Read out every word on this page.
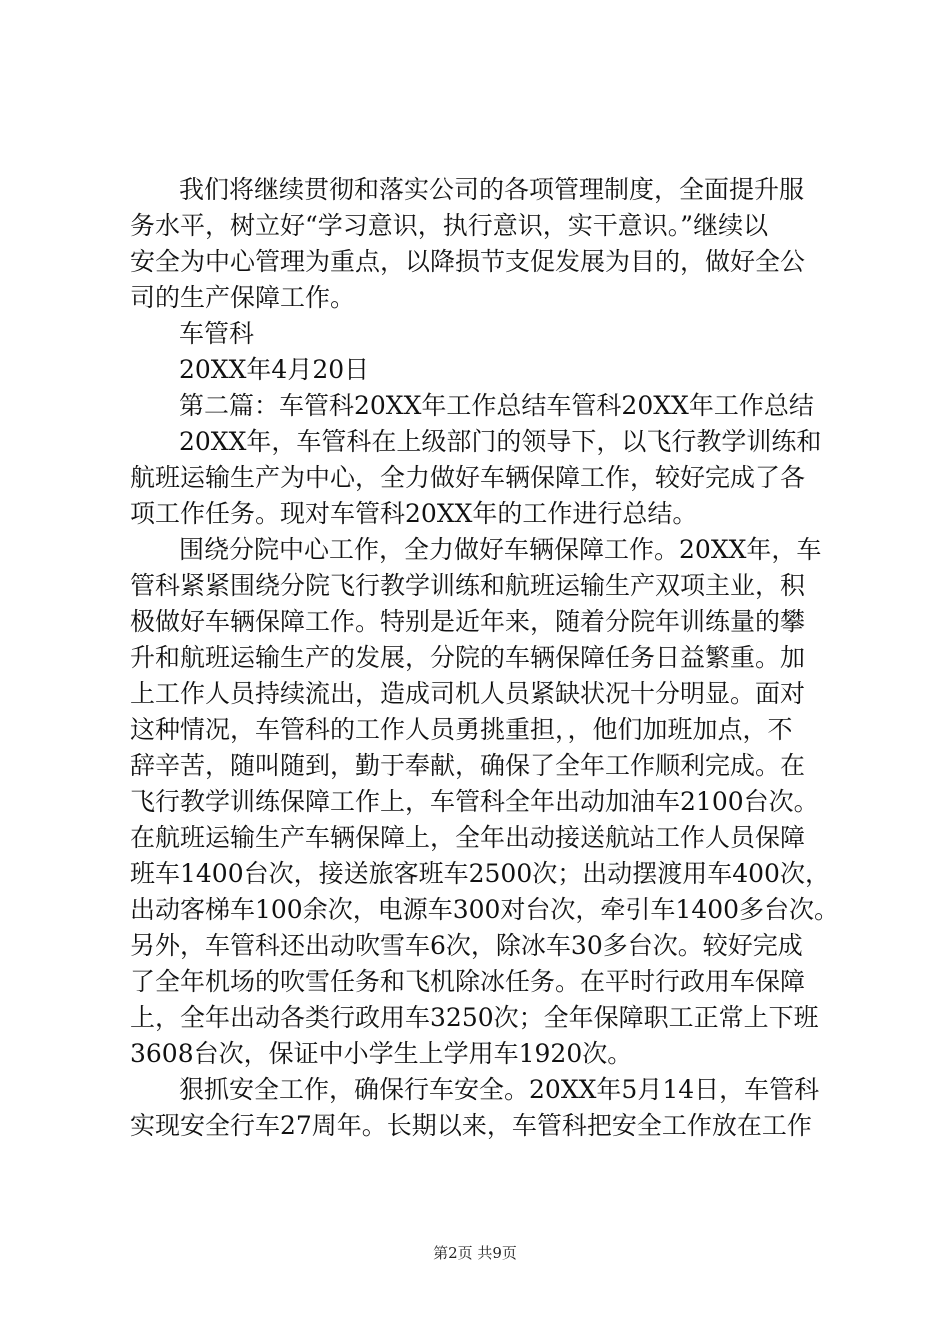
我们将继续贯彻和落实公司的各项管理制度，全面提升服
务水平，树立好“学习意识，执行意识，实干意识。”继续以
安全为中心管理为重点，以降损节支促发展为目的，做好全公
司的生产保障工作。
车管科
20XX年4月20日
第二篇：车管科20XX年工作总结车管科20XX年工作总结
20XX年，车管科在上级部门的领导下，以飞行教学训练和
航班运输生产为中心，全力做好车辆保障工作，较好完成了各
项工作任务。现对车管科20XX年的工作进行总结。
围绕分院中心工作，全力做好车辆保障工作。20XX年，车
管科紧紧围绕分院飞行教学训练和航班运输生产双项主业，积
极做好车辆保障工作。特别是近年来，随着分院年训练量的攀
升和航班运输生产的发展，分院的车辆保障任务日益繁重。加
上工作人员持续流出，造成司机人员紧缺状况十分明显。面对
这种情况，车管科的工作人员勇挑重担，，他们加班加点，不
辞辛苦，随叫随到，勤于奉献，确保了全年工作顺利完成。在
飞行教学训练保障工作上，车管科全年出动加油车2100台次。
在航班运输生产车辆保障上，全年出动接送航站工作人员保障
班车1400台次，接送旅客班车2500次；出动摆渡用车400次，
出动客梯车100余次，电源车300对台次，牵引车1400多台次。
另外，车管科还出动吹雪车6次，除冰车30多台次。较好完成
了全年机场的吹雪任务和飞机除冰任务。在平时行政用车保障
上，全年出动各类行政用车3250次；全年保障职工正常上下班
3608台次，保证中小学生上学用车1920次。
狠抓安全工作，确保行车安全。20XX年5月14日，车管科
实现安全行车27周年。长期以来，车管科把安全工作放在工作
第2页 共9页
